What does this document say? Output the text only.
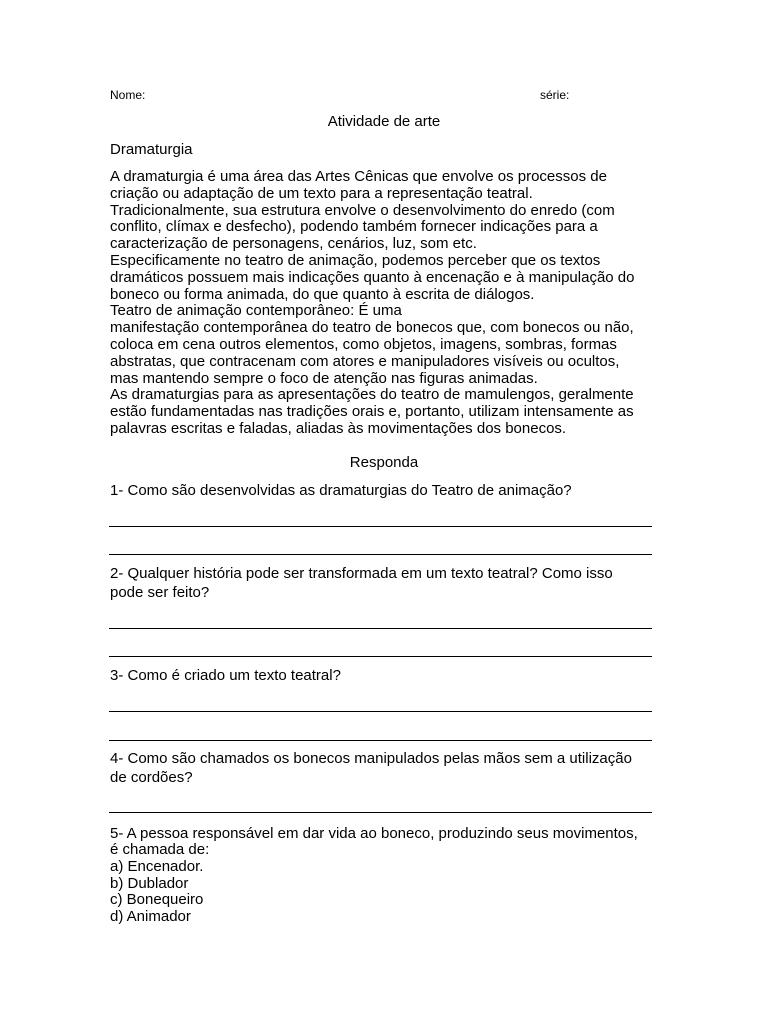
Nome:	série:
Atividade de arte
Dramaturgia
A dramaturgia é uma área das Artes Cênicas que envolve os processos de
criação ou adaptação de um texto para a representação teatral.
Tradicionalmente, sua estrutura envolve o desenvolvimento do enredo (com
conflito, clímax e desfecho), podendo também fornecer indicações para a
caracterização de personagens, cenários, luz, som etc.
Especificamente no teatro de animação, podemos perceber que os textos
dramáticos possuem mais indicações quanto à encenação e à manipulação do
boneco ou forma animada, do que quanto à escrita de diálogos.
Teatro de animação contemporâneo: É uma
manifestação contemporânea do teatro de bonecos que, com bonecos ou não,
coloca em cena outros elementos, como objetos, imagens, sombras, formas
abstratas, que contracenam com atores e manipuladores visíveis ou ocultos,
mas mantendo sempre o foco de atenção nas figuras animadas.
As dramaturgias para as apresentações do teatro de mamulengos, geralmente
estão fundamentadas nas tradições orais e, portanto, utilizam intensamente as
palavras escritas e faladas, aliadas às movimentações dos bonecos.
Responda
1- Como são desenvolvidas as dramaturgias do Teatro de animação?
2- Qualquer história pode ser transformada em um texto teatral? Como isso
pode ser feito?
3- Como é criado um texto teatral?
4- Como são chamados os bonecos manipulados pelas mãos sem a utilização
de cordões?
5- A pessoa responsável em dar vida ao boneco, produzindo seus movimentos,
é chamada de:
a) Encenador.
b) Dublador
c) Bonequeiro
d) Animador
